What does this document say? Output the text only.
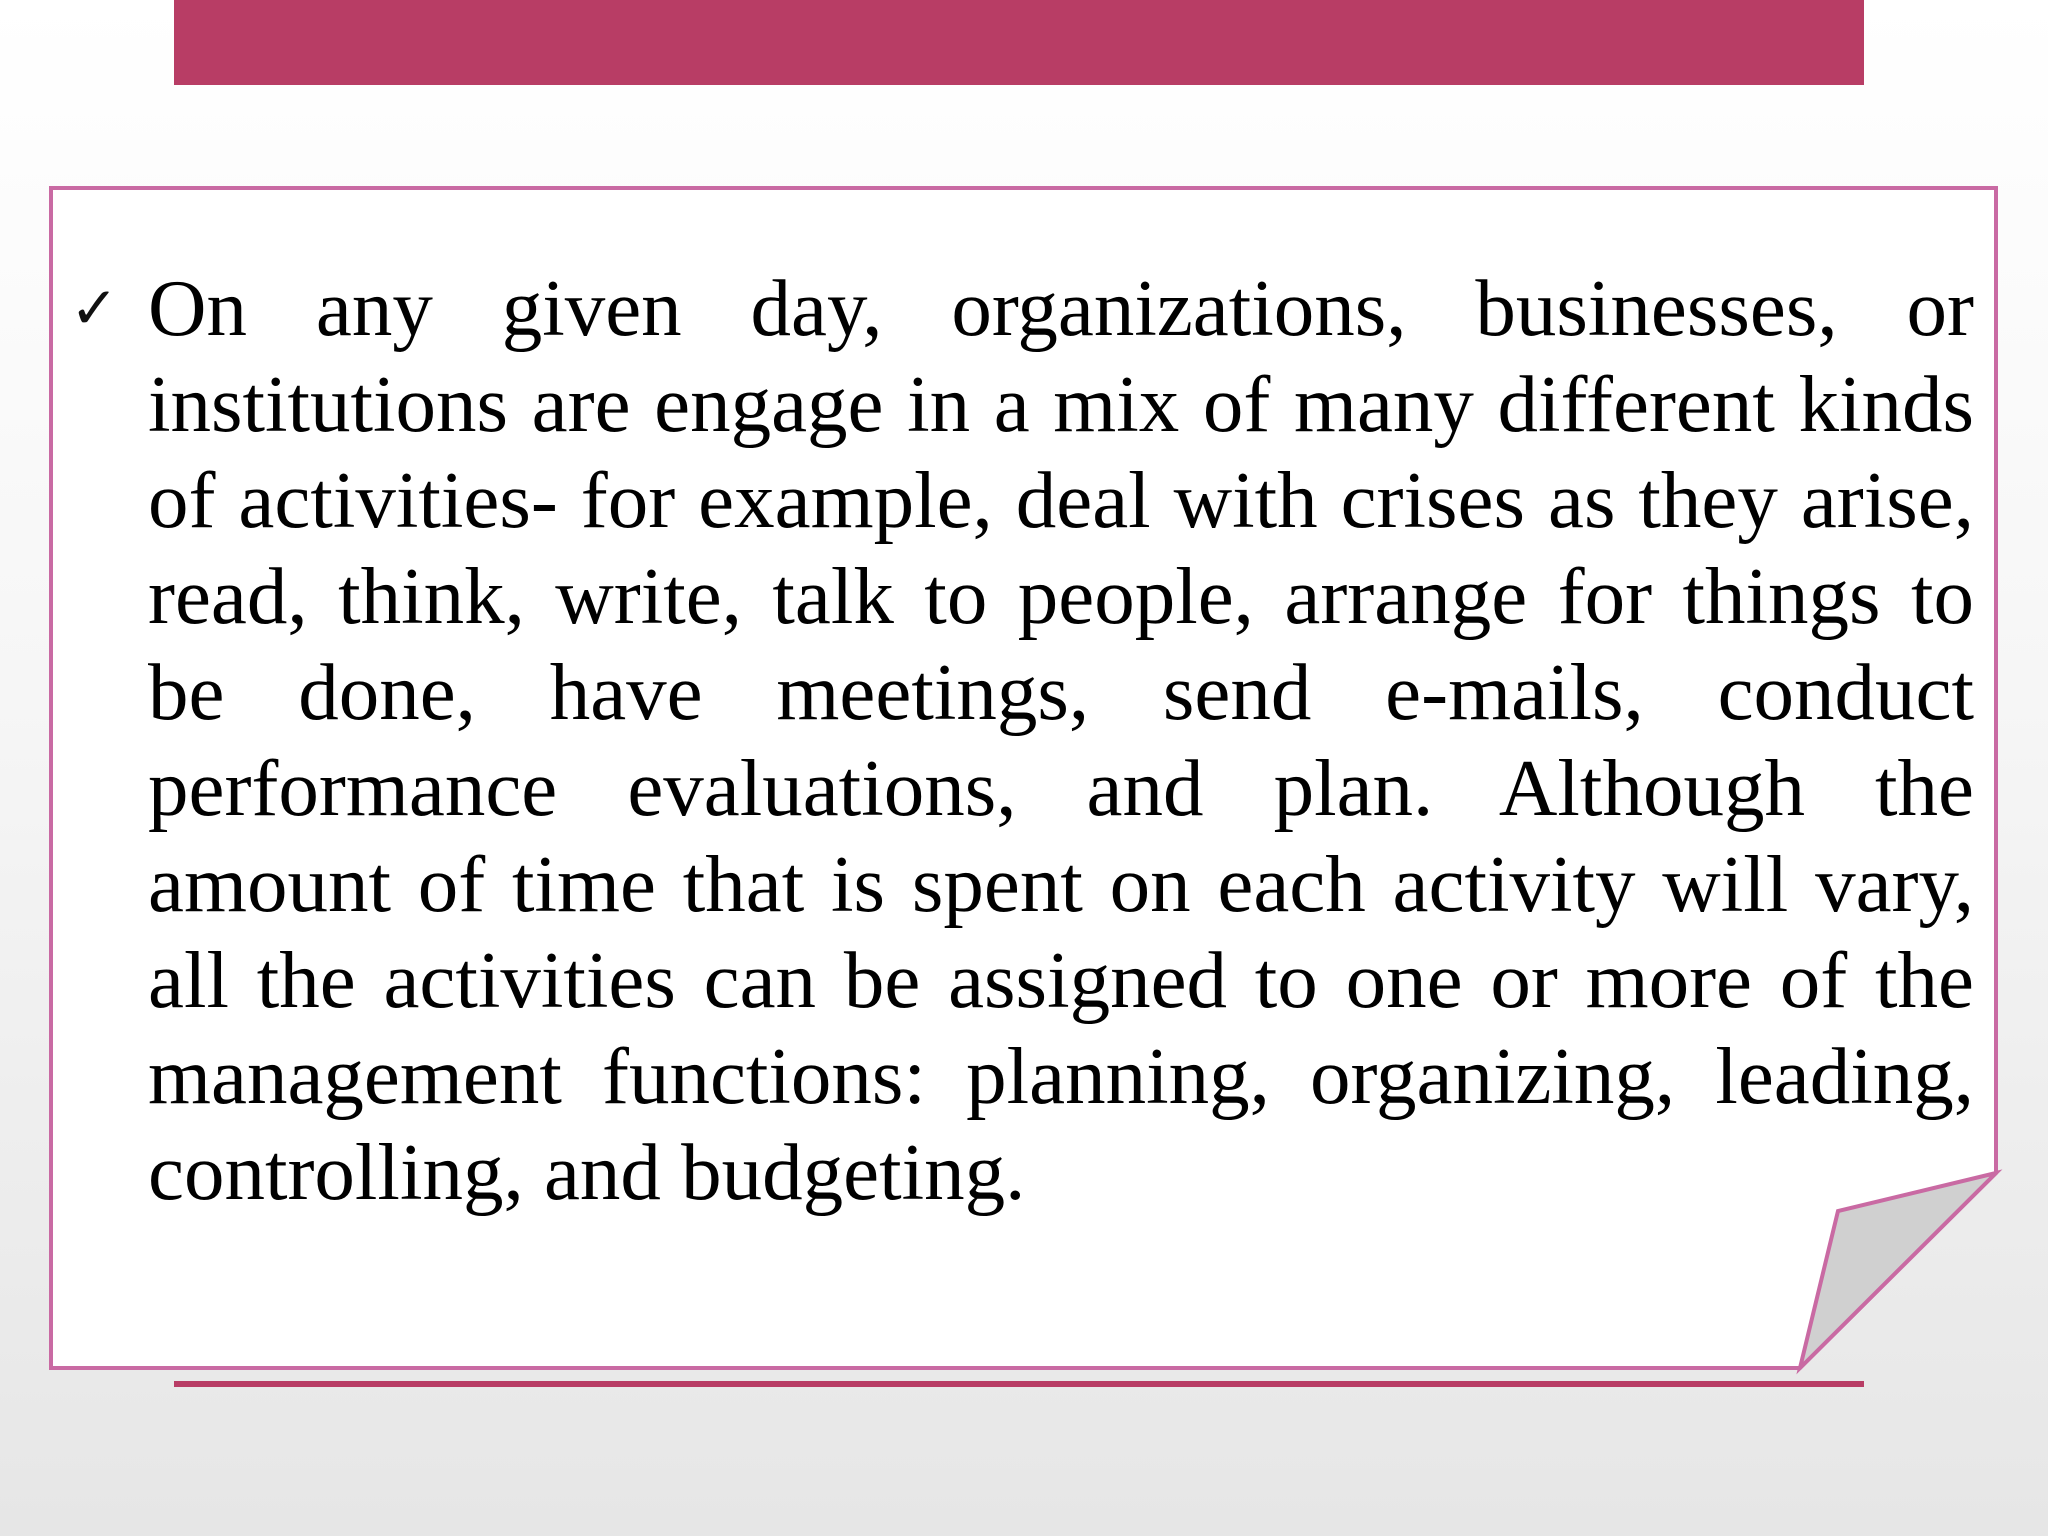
✓ On any given day, organizations, businesses, or institutions are engage in a mix of many different kinds of activities- for example, deal with crises as they arise, read, think, write, talk to people, arrange for things to be done, have meetings, send e-mails, conduct performance evaluations, and plan. Although the amount of time that is spent on each activity will vary, all the activities can be assigned to one or more of the management functions: planning, organizing, leading, controlling, and budgeting.
